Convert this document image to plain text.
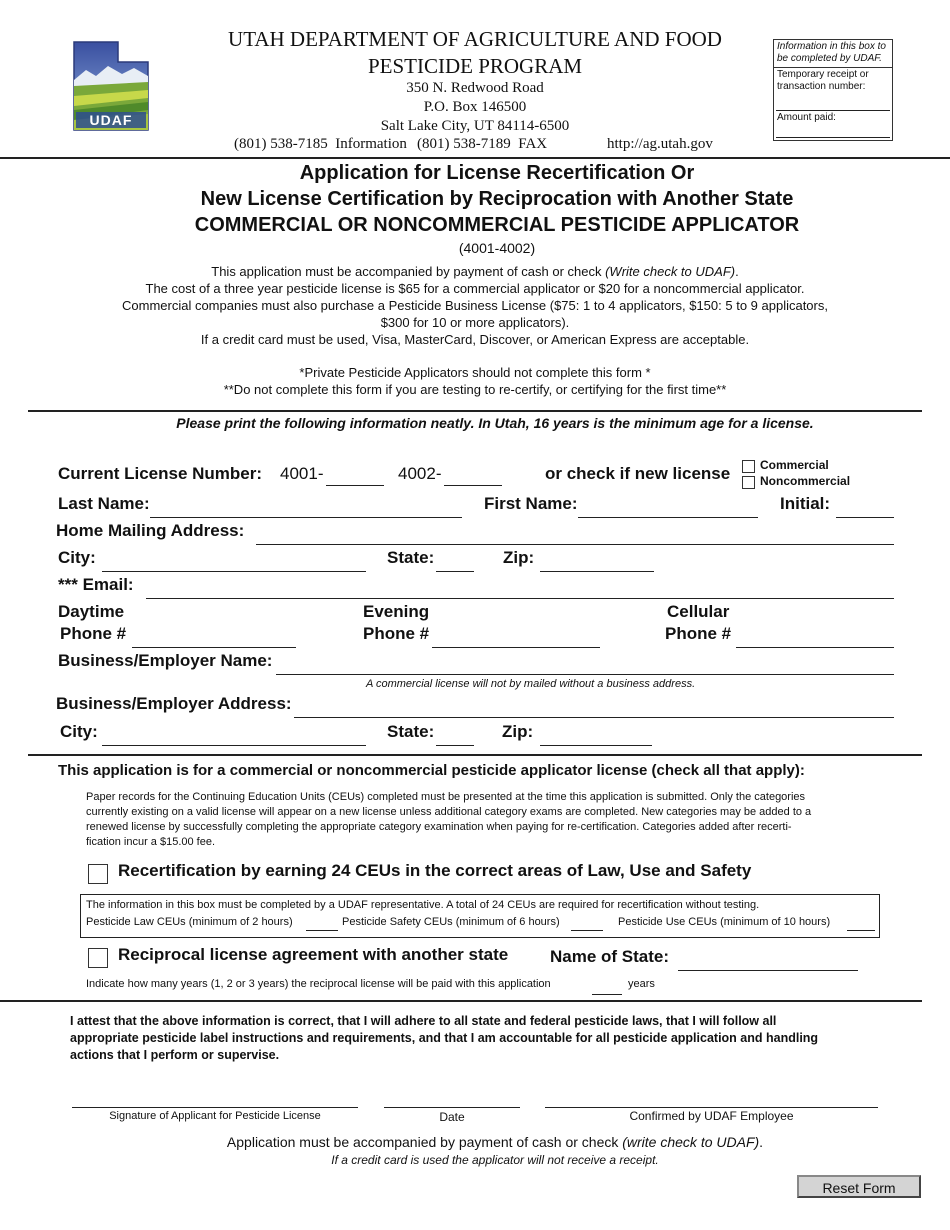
UDAF
UTAH DEPARTMENT OF AGRICULTURE AND FOOD
PESTICIDE PROGRAM
350 N. Redwood Road
P.O. Box 146500
Salt Lake City, UT 84114-6500
(801) 538-7185  Information (801) 538-7189  FAX	http://ag.utah.gov
Information in this box to be completed by UDAF.
Temporary receipt or transaction number:
Amount paid:
Application for License Recertification Or
New License Certification by Reciprocation with Another State
COMMERCIAL OR NONCOMMERCIAL PESTICIDE APPLICATOR
(4001-4002)
This application must be accompanied by payment of cash or check (Write check to UDAF).
The cost of a three year pesticide license is $65 for a commercial applicator or $20 for a noncommercial applicator.
Commercial companies must also purchase a Pesticide Business License ($75: 1 to 4 applicators, $150: 5 to 9 applicators,
$300 for 10 or more applicators).
If a credit card must be used, Visa, MasterCard, Discover, or American Express are acceptable.
*Private Pesticide Applicators should not complete this form *
**Do not complete this form if you are testing to re-certify, or certifying for the first time**
Please print the following information neatly. In Utah, 16 years is the minimum age for a license.
Current License Number: 4001-	4002-	or check if new license Commercial
Noncommercial
Last Name:	First Name:	Initial:
Home Mailing Address:
City:	State:	Zip:
*** Email:
Daytime
Phone #
Evening
Phone #
Cellular
Phone #
Business/Employer Name:
A commercial license will not by mailed without a business address.
Business/Employer Address:
City:	State:	Zip:
This application is for a commercial or noncommercial pesticide applicator license (check all that apply):
Paper records for the Continuing Education Units (CEUs) completed must be presented at the time this application is submitted. Only the categories
currently existing on a valid license will appear on a new license unless additional category exams are completed. New categories may be added to a
renewed license by successfully completing the appropriate category examination when paying for re-certification. Categories added after recerti-
fication incur a $15.00 fee.
Recertification by earning 24 CEUs in the correct areas of Law, Use and Safety
The information in this box must be completed by a UDAF representative. A total of 24 CEUs are required for recertification without testing.
Pesticide Law CEUs (minimum of 2 hours)	Pesticide Safety CEUs (minimum of 6 hours)	Pesticide Use CEUs (minimum of 10 hours)
Reciprocal license agreement with another state Name of State:
Indicate how many years (1, 2 or 3 years) the reciprocal license will be paid with this application	years
I attest that the above information is correct, that I will adhere to all state and federal pesticide laws, that I will follow all
appropriate pesticide label instructions and requirements, and that I am accountable for all pesticide application and handling
actions that I perform or supervise.
Signature of Applicant for Pesticide License	Date	Confirmed by UDAF Employee
Application must be accompanied by payment of cash or check (write check to UDAF).
If a credit card is used the applicator will not receive a receipt.
Reset Form
